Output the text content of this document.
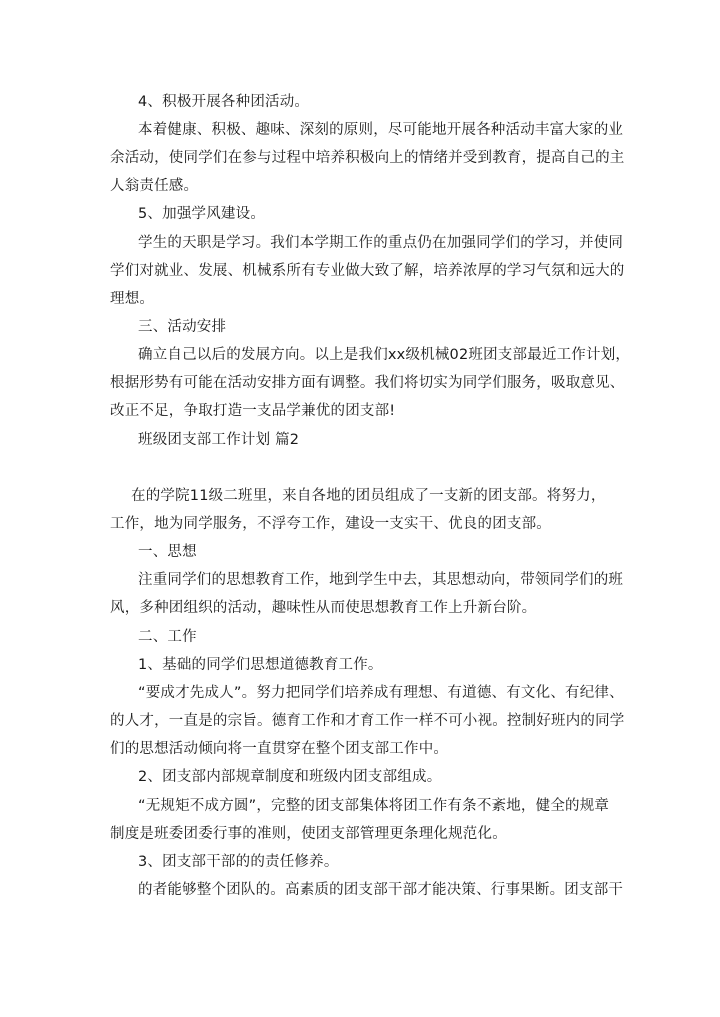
4、积极开展各种团活动。
本着健康、积极、趣味、深刻的原则，尽可能地开展各种活动丰富大家的业
余活动，使同学们在参与过程中培养积极向上的情绪并受到教育，提高自己的主
人翁责任感。
5、加强学风建设。
学生的天职是学习。我们本学期工作的重点仍在加强同学们的学习，并使同
学们对就业、发展、机械系所有专业做大致了解，培养浓厚的学习气氛和远大的
理想。
三、活动安排
确立自己以后的发展方向。以上是我们xx级机械02班团支部最近工作计划，
根据形势有可能在活动安排方面有调整。我们将切实为同学们服务，吸取意见、
改正不足，争取打造一支品学兼优的团支部!
班级团支部工作计划 篇2
在的学院11级二班里，来自各地的团员组成了一支新的团支部。将努力，
工作，地为同学服务，不浮夸工作，建设一支实干、优良的团支部。
一、思想
注重同学们的思想教育工作，地到学生中去，其思想动向，带领同学们的班
风，多种团组织的活动，趣味性从而使思想教育工作上升新台阶。
二、工作
1、基础的同学们思想道德教育工作。
“要成才先成人”。努力把同学们培养成有理想、有道德、有文化、有纪律、
的人才，一直是的宗旨。德育工作和才育工作一样不可小视。控制好班内的同学
们的思想活动倾向将一直贯穿在整个团支部工作中。
2、团支部内部规章制度和班级内团支部组成。
“无规矩不成方圆”，完整的团支部集体将团工作有条不紊地，健全的规章
制度是班委团委行事的准则，使团支部管理更条理化规范化。
3、团支部干部的的责任修养。
的者能够整个团队的。高素质的团支部干部才能决策、行事果断。团支部干
